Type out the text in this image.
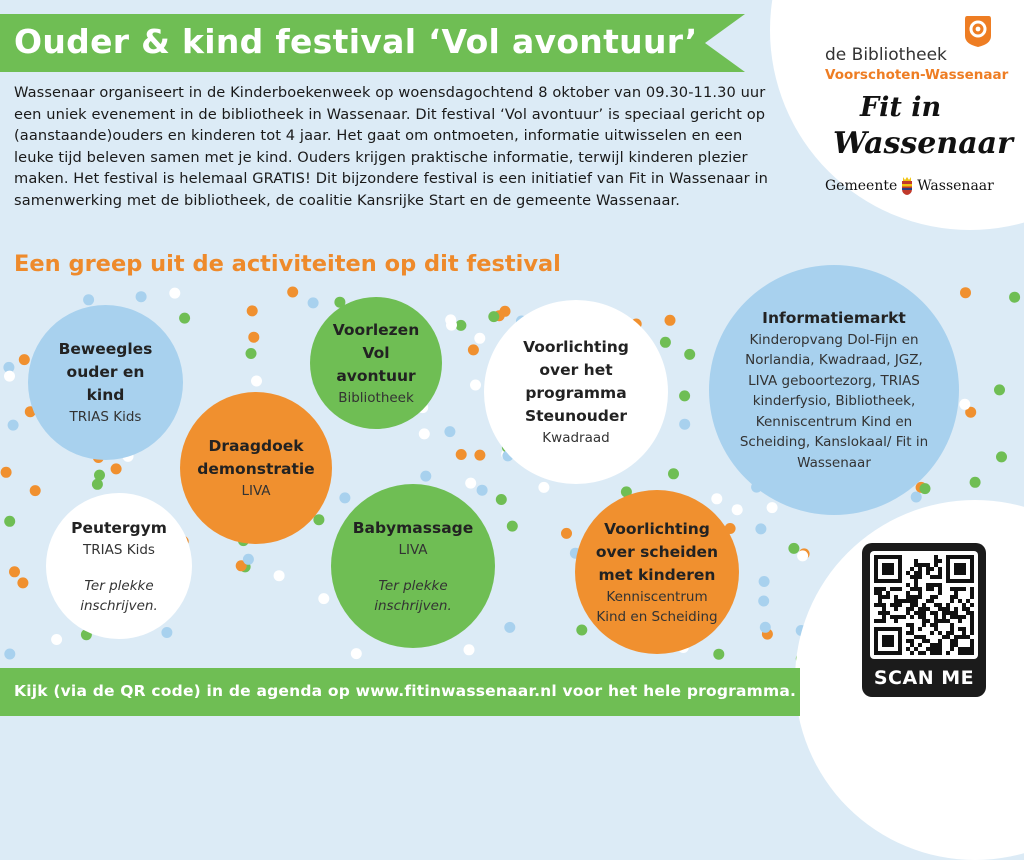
Ouder & kind festival ‘Vol avontuur’

Wassenaar organiseert in de Kinderboekenweek op woensdagochtend 8 oktober van 09.30-11.30 uur een uniek evenement in de bibliotheek in Wassenaar. Dit festival ‘Vol avontuur’ is speciaal gericht op (aanstaande)ouders en kinderen tot 4 jaar. Het gaat om ontmoeten, informatie uitwisselen en een leuke tijd beleven samen met je kind. Ouders krijgen praktische informatie, terwijl kinderen plezier maken. Het festival is helemaal GRATIS! Dit bijzondere festival is een initiatief van Fit in Wassenaar in samenwerking met de bibliotheek, de coalitie Kansrijke Start en de gemeente Wassenaar.

Een greep uit de activiteiten op dit festival
Beweegles ouder en kind
TRIAS Kids
Voorlezen Vol avontuur
Bibliotheek
Voorlichting over het programma Steunouder
Kwadraad
Informatiemarkt
Kinderopvang Dol-Fijn en Norlandia, Kwadraad, JGZ, LIVA geboortezorg, TRIAS kinderfysio, Bibliotheek, Kenniscentrum Kind en Scheiding, Kanslokaal/ Fit in Wassenaar
Draagdoek demonstratie
LIVA
Peutergym
TRIAS Kids
Ter plekke inschrijven.
Babymassage
LIVA
Ter plekke inschrijven.
Voorlichting over scheiden met kinderen
Kenniscentrum Kind en Scheiding
de Bibliotheek
Voorschoten-Wassenaar
Fit in
Wassenaar
Gemeente Wassenaar
SCAN ME
Kijk (via de QR code) in de agenda op www.fitinwassenaar.nl voor het hele programma.
